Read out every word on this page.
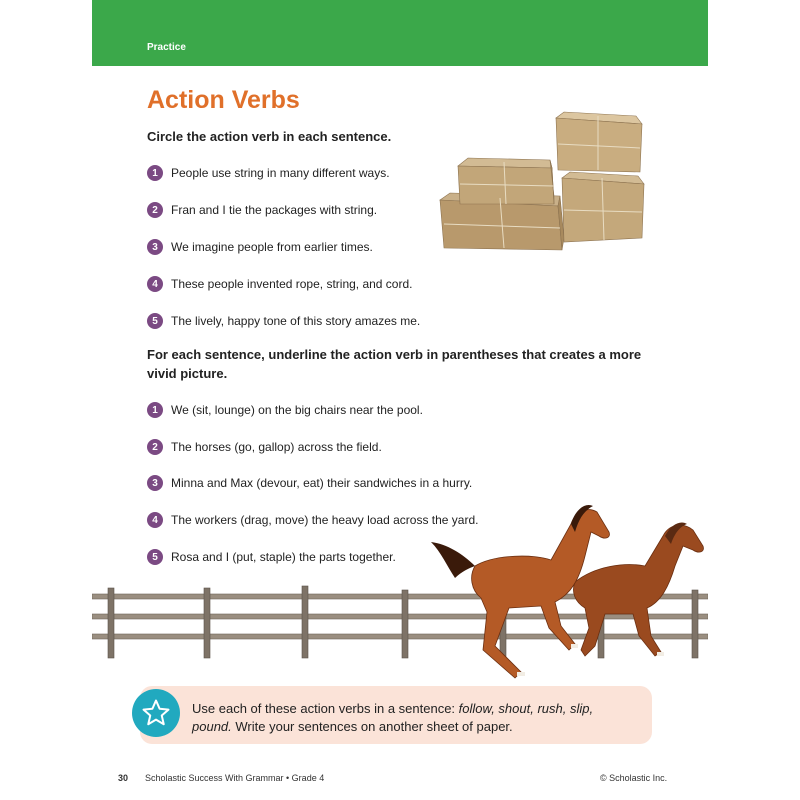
Practice
Action Verbs
Circle the action verb in each sentence.
1	People use string in many different ways.
2	Fran and I tie the packages with string.
3	We imagine people from earlier times.
4	These people invented rope, string, and cord.
5	The lively, happy tone of this story amazes me.
For each sentence, underline the action verb in parentheses that creates a more
vivid picture.
1	We (sit, lounge) on the big chairs near the pool.
2	The horses (go, gallop) across the field.
3	Minna and Max (devour, eat) their sandwiches in a hurry.
4	The workers (drag, move) the heavy load across the yard.
5	Rosa and I (put, staple) the parts together.
Use each of these action verbs in a sentence: follow, shout, rush, slip,
pound. Write your sentences on another sheet of paper.
30 Scholastic Success With Grammar • Grade 4	© Scholastic Inc.
